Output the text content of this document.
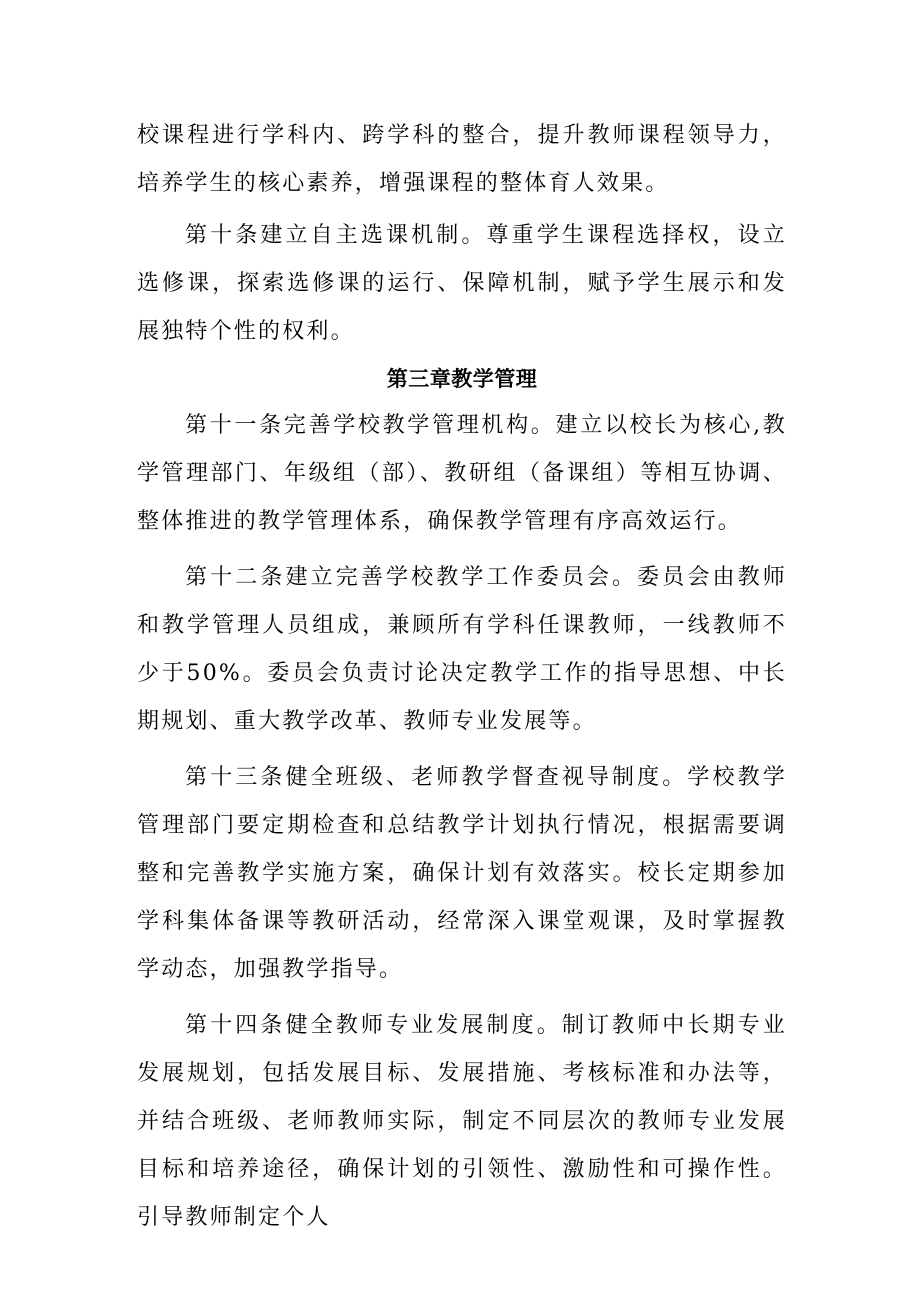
校课程进行学科内、跨学科的整合，提升教师课程领导力，培养学生的核心素养，增强课程的整体育人效果。

第十条建立自主选课机制。尊重学生课程选择权，设立选修课，探索选修课的运行、保障机制，赋予学生展示和发展独特个性的权利。

第三章教学管理

第十一条完善学校教学管理机构。建立以校长为核心,教学管理部门、年级组（部）、教研组（备课组）等相互协调、整体推进的教学管理体系，确保教学管理有序高效运行。

第十二条建立完善学校教学工作委员会。委员会由教师和教学管理人员组成，兼顾所有学科任课教师，一线教师不少于50%。委员会负责讨论决定教学工作的指导思想、中长期规划、重大教学改革、教师专业发展等。

第十三条健全班级、老师教学督查视导制度。学校教学管理部门要定期检查和总结教学计划执行情况，根据需要调整和完善教学实施方案，确保计划有效落实。校长定期参加学科集体备课等教研活动，经常深入课堂观课，及时掌握教学动态，加强教学指导。

第十四条健全教师专业发展制度。制订教师中长期专业发展规划，包括发展目标、发展措施、考核标准和办法等，并结合班级、老师教师实际，制定不同层次的教师专业发展目标和培养途径，确保计划的引领性、激励性和可操作性。引导教师制定个人
